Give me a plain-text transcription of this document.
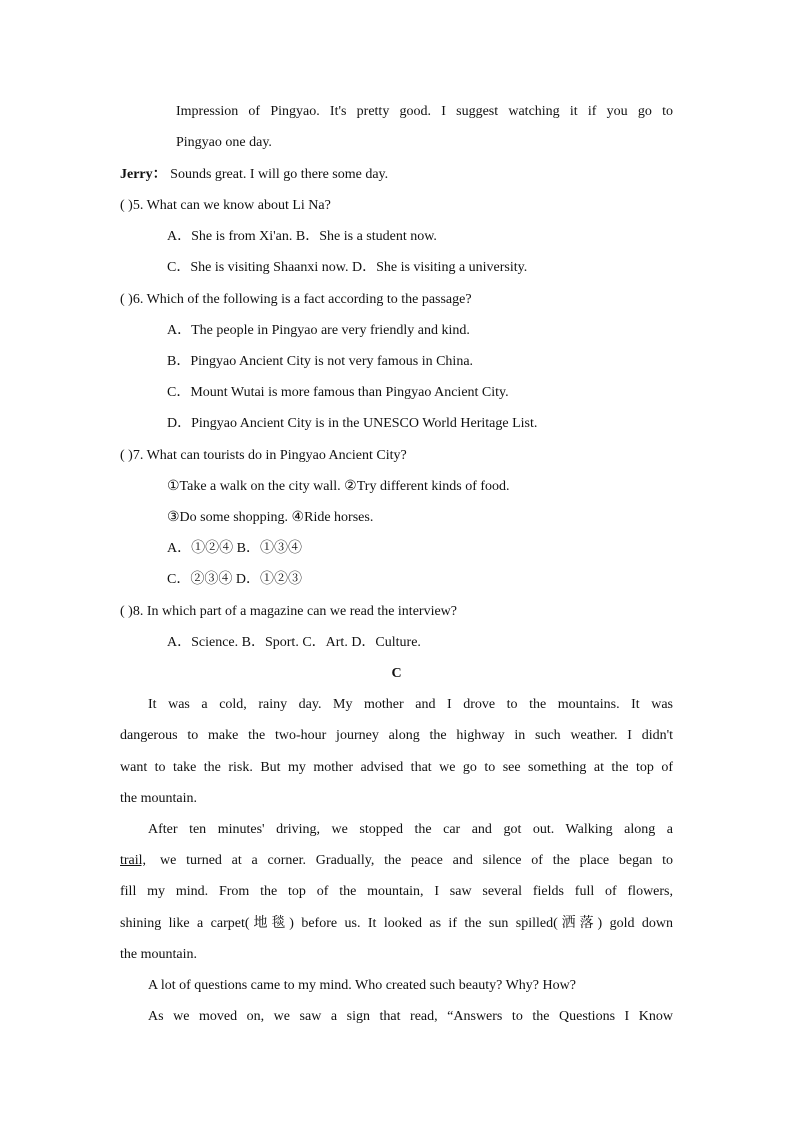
Impression of Pingyao. It's pretty good. I suggest watching it if you go to
Pingyao one day.
Jerry： Sounds great. I will go there some day.
( )5. What can we know about Li Na?
A．She is from Xi'an. B．She is a student now.
C．She is visiting Shaanxi now. D．She is visiting a university.
( )6. Which of the following is a fact according to the passage?
A．The people in Pingyao are very friendly and kind.
B．Pingyao Ancient City is not very famous in China.
C．Mount Wutai is more famous than Pingyao Ancient City.
D．Pingyao Ancient City is in the UNESCO World Heritage List.
( )7. What can tourists do in Pingyao Ancient City?
①Take a walk on the city wall. ②Try different kinds of food.
③Do some shopping. ④Ride horses.
A．①②④ B．①③④
C．②③④ D．①②③
( )8. In which part of a magazine can we read the interview?
A．Science. B．Sport. C．Art. D．Culture.
C
It was a cold, rainy day. My mother and I drove to the mountains. It was
dangerous to make the two-hour journey along the highway in such weather. I didn't
want to take the risk. But my mother advised that we go to see something at the top of
the mountain.
After ten minutes' driving, we stopped the car and got out. Walking along a
trail,	we turned at a corner. Gradually, the peace and silence of the place began to
fill my mind. From the top of the mountain, I saw several fields full of flowers,
shining like a carpet(地毯) before us. It looked as if the sun spilled(洒落) gold down
the mountain.
A lot of questions came to my mind. Who created such beauty? Why? How?
As we moved on, we saw a sign that read, “Answers to the Questions I Know
